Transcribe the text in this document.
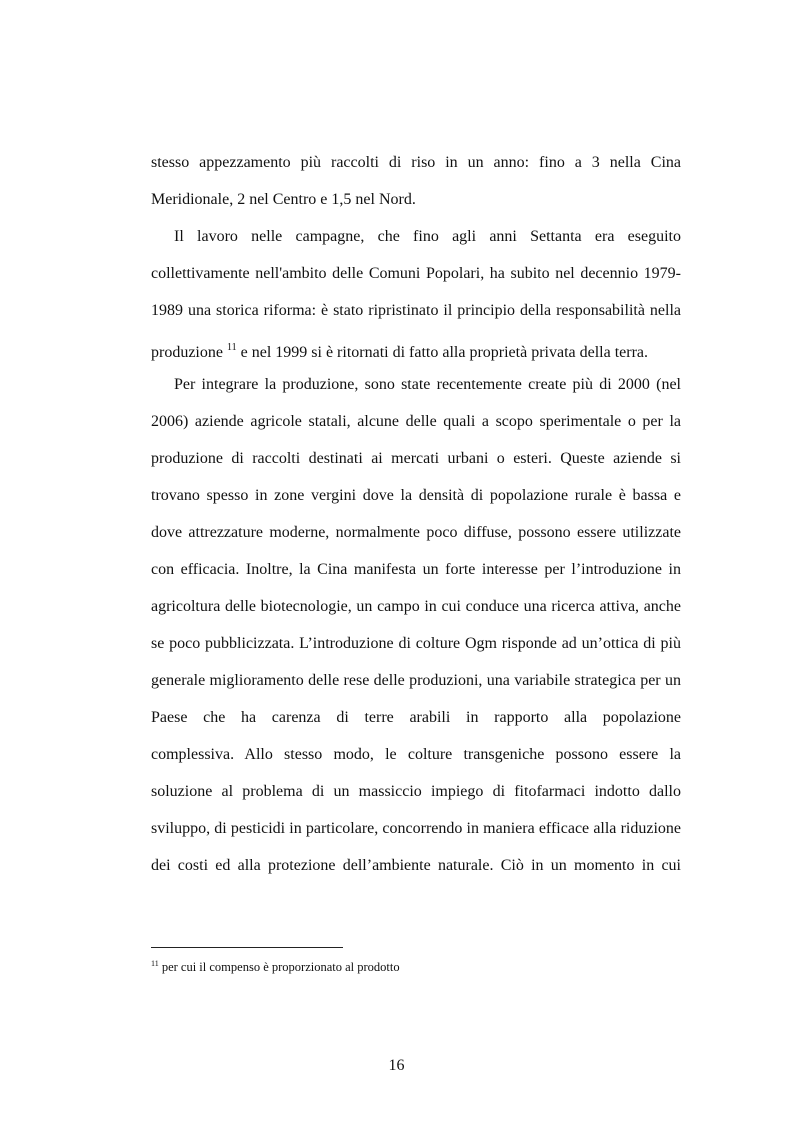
stesso appezzamento più raccolti di riso in un anno: fino a 3 nella Cina
Meridionale, 2 nel Centro e 1,5 nel Nord.
Il lavoro nelle campagne, che fino agli anni Settanta era eseguito
collettivamente nell'ambito delle Comuni Popolari, ha subito nel decennio 1979-
1989 una storica riforma: è stato ripristinato il principio della responsabilità nella
produzione $^{11}$ e nel 1999 si è ritornati di fatto alla proprietà privata della terra.
Per integrare la produzione, sono state recentemente create più di 2000 (nel
2006) aziende agricole statali, alcune delle quali a scopo sperimentale o per la
produzione di raccolti destinati ai mercati urbani o esteri. Queste aziende si
trovano spesso in zone vergini dove la densità di popolazione rurale è bassa e
dove attrezzature moderne, normalmente poco diffuse, possono essere utilizzate
con efficacia. Inoltre, la Cina manifesta un forte interesse per l’introduzione in
agricoltura delle biotecnologie, un campo in cui conduce una ricerca attiva, anche
se poco pubblicizzata. L’introduzione di colture Ogm risponde ad un’ottica di più
generale miglioramento delle rese delle produzioni, una variabile strategica per un
Paese che ha carenza di terre arabili in rapporto alla popolazione
complessiva. Allo stesso modo, le colture transgeniche possono essere la
soluzione al problema di un massiccio impiego di fitofarmaci indotto dallo
sviluppo, di pesticidi in particolare, concorrendo in maniera efficace alla riduzione
dei costi ed alla protezione dell’ambiente naturale. Ciò in un momento in cui
$^{11}$ per cui il compenso è proporzionato al prodotto
16
